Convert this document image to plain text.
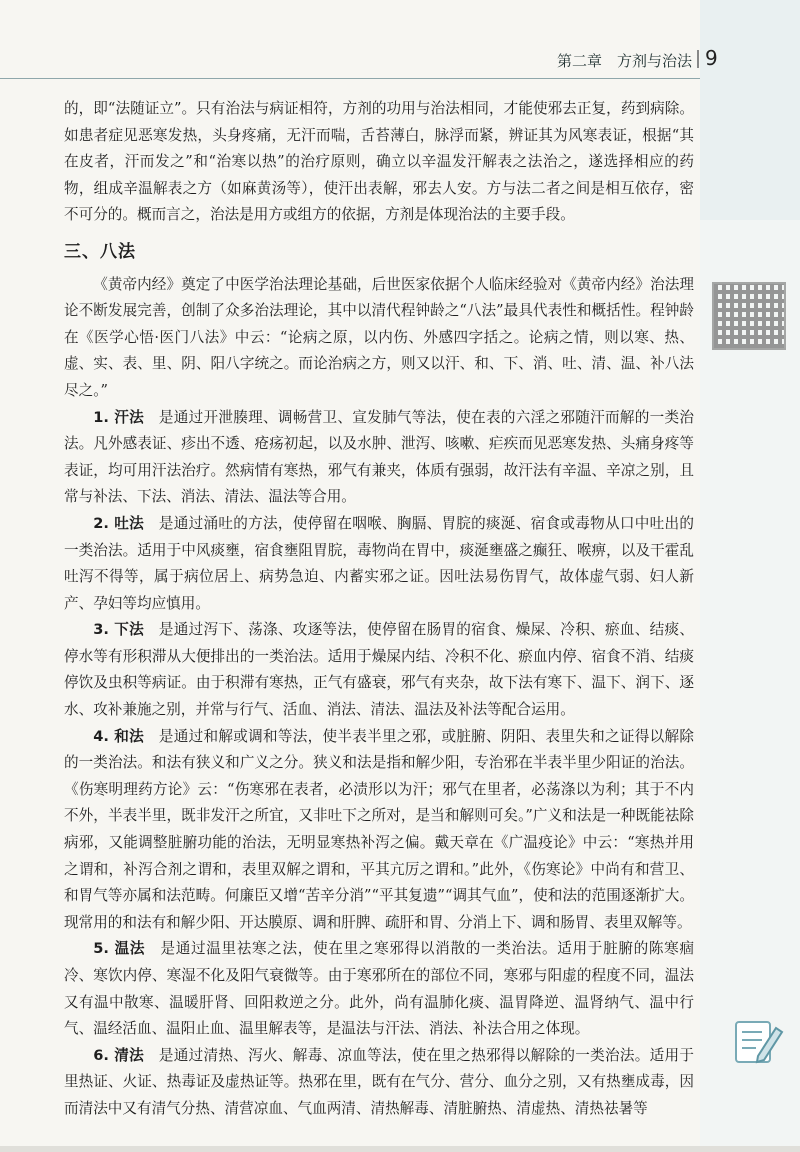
第二章　方剂与治法 9

的，即“法随证立”。只有治法与病证相符，方剂的功用与治法相同，才能使邪去正复，药到病除。如患者症见恶寒发热，头身疼痛，无汗而喘，舌苔薄白，脉浮而紧，辨证其为风寒表证，根据“其在皮者，汗而发之”和“治寒以热”的治疗原则，确立以辛温发汗解表之法治之，遂选择相应的药物，组成辛温解表之方（如麻黄汤等），使汗出表解，邪去人安。方与法二者之间是相互依存，密不可分的。概而言之，治法是用方或组方的依据，方剂是体现治法的主要手段。

三、八法

《黄帝内经》奠定了中医学治法理论基础，后世医家依据个人临床经验对《黄帝内经》治法理论不断发展完善，创制了众多治法理论，其中以清代程钟龄之“八法”最具代表性和概括性。程钟龄在《医学心悟·医门八法》中云：“论病之原，以内伤、外感四字括之。论病之情，则以寒、热、虚、实、表、里、阴、阳八字统之。而论治病之方，则又以汗、和、下、消、吐、清、温、补八法尽之。”

1. 汗法　 是通过开泄腠理、调畅营卫、宣发肺气等法，使在表的六淫之邪随汗而解的一类治法。凡外感表证、疹出不透、疮疡初起，以及水肿、泄泻、咳嗽、疟疾而见恶寒发热、头痛身疼等表证，均可用汗法治疗。然病情有寒热，邪气有兼夹，体质有强弱，故汗法有辛温、辛凉之别，且常与补法、下法、消法、清法、温法等合用。

2. 吐法　 是通过涌吐的方法，使停留在咽喉、胸膈、胃脘的痰涎、宿食或毒物从口中吐出的一类治法。适用于中风痰壅，宿食壅阻胃脘，毒物尚在胃中，痰涎壅盛之癫狂、喉痹，以及干霍乱吐泻不得等，属于病位居上、病势急迫、内蓄实邪之证。因吐法易伤胃气，故体虚气弱、妇人新产、孕妇等均应慎用。

3. 下法　 是通过泻下、荡涤、攻逐等法，使停留在肠胃的宿食、燥屎、冷积、瘀血、结痰、停水等有形积滞从大便排出的一类治法。适用于燥屎内结、冷积不化、瘀血内停、宿食不消、结痰停饮及虫积等病证。由于积滞有寒热，正气有盛衰，邪气有夹杂，故下法有寒下、温下、润下、逐水、攻补兼施之别，并常与行气、活血、消法、清法、温法及补法等配合运用。

4. 和法　 是通过和解或调和等法，使半表半里之邪，或脏腑、阴阳、表里失和之证得以解除的一类治法。和法有狭义和广义之分。狭义和法是指和解少阳，专治邪在半表半里少阳证的治法。《伤寒明理药方论》云：“伤寒邪在表者，必渍形以为汗；邪气在里者，必荡涤以为利；其于不内不外，半表半里，既非发汗之所宜，又非吐下之所对，是当和解则可矣。”广义和法是一种既能祛除病邪，又能调整脏腑功能的治法，无明显寒热补泻之偏。戴天章在《广温疫论》中云：“寒热并用之谓和，补泻合剂之谓和，表里双解之谓和，平其亢厉之谓和。”此外，《伤寒论》中尚有和营卫、和胃气等亦属和法范畴。何廉臣又增“苦辛分消”“平其复遗”“调其气血”，使和法的范围逐渐扩大。现常用的和法有和解少阳、开达膜原、调和肝脾、疏肝和胃、分消上下、调和肠胃、表里双解等。

5. 温法　 是通过温里祛寒之法，使在里之寒邪得以消散的一类治法。适用于脏腑的陈寒痼冷、寒饮内停、寒湿不化及阳气衰微等。由于寒邪所在的部位不同，寒邪与阳虚的程度不同，温法又有温中散寒、温暖肝肾、回阳救逆之分。此外，尚有温肺化痰、温胃降逆、温肾纳气、温中行气、温经活血、温阳止血、温里解表等，是温法与汗法、消法、补法合用之体现。

6. 清法　 是通过清热、泻火、解毒、凉血等法，使在里之热邪得以解除的一类治法。适用于里热证、火证、热毒证及虚热证等。热邪在里，既有在气分、营分、血分之别，又有热壅成毒，因而清法中又有清气分热、清营凉血、气血两清、清热解毒、清脏腑热、清虚热、清热祛暑等
